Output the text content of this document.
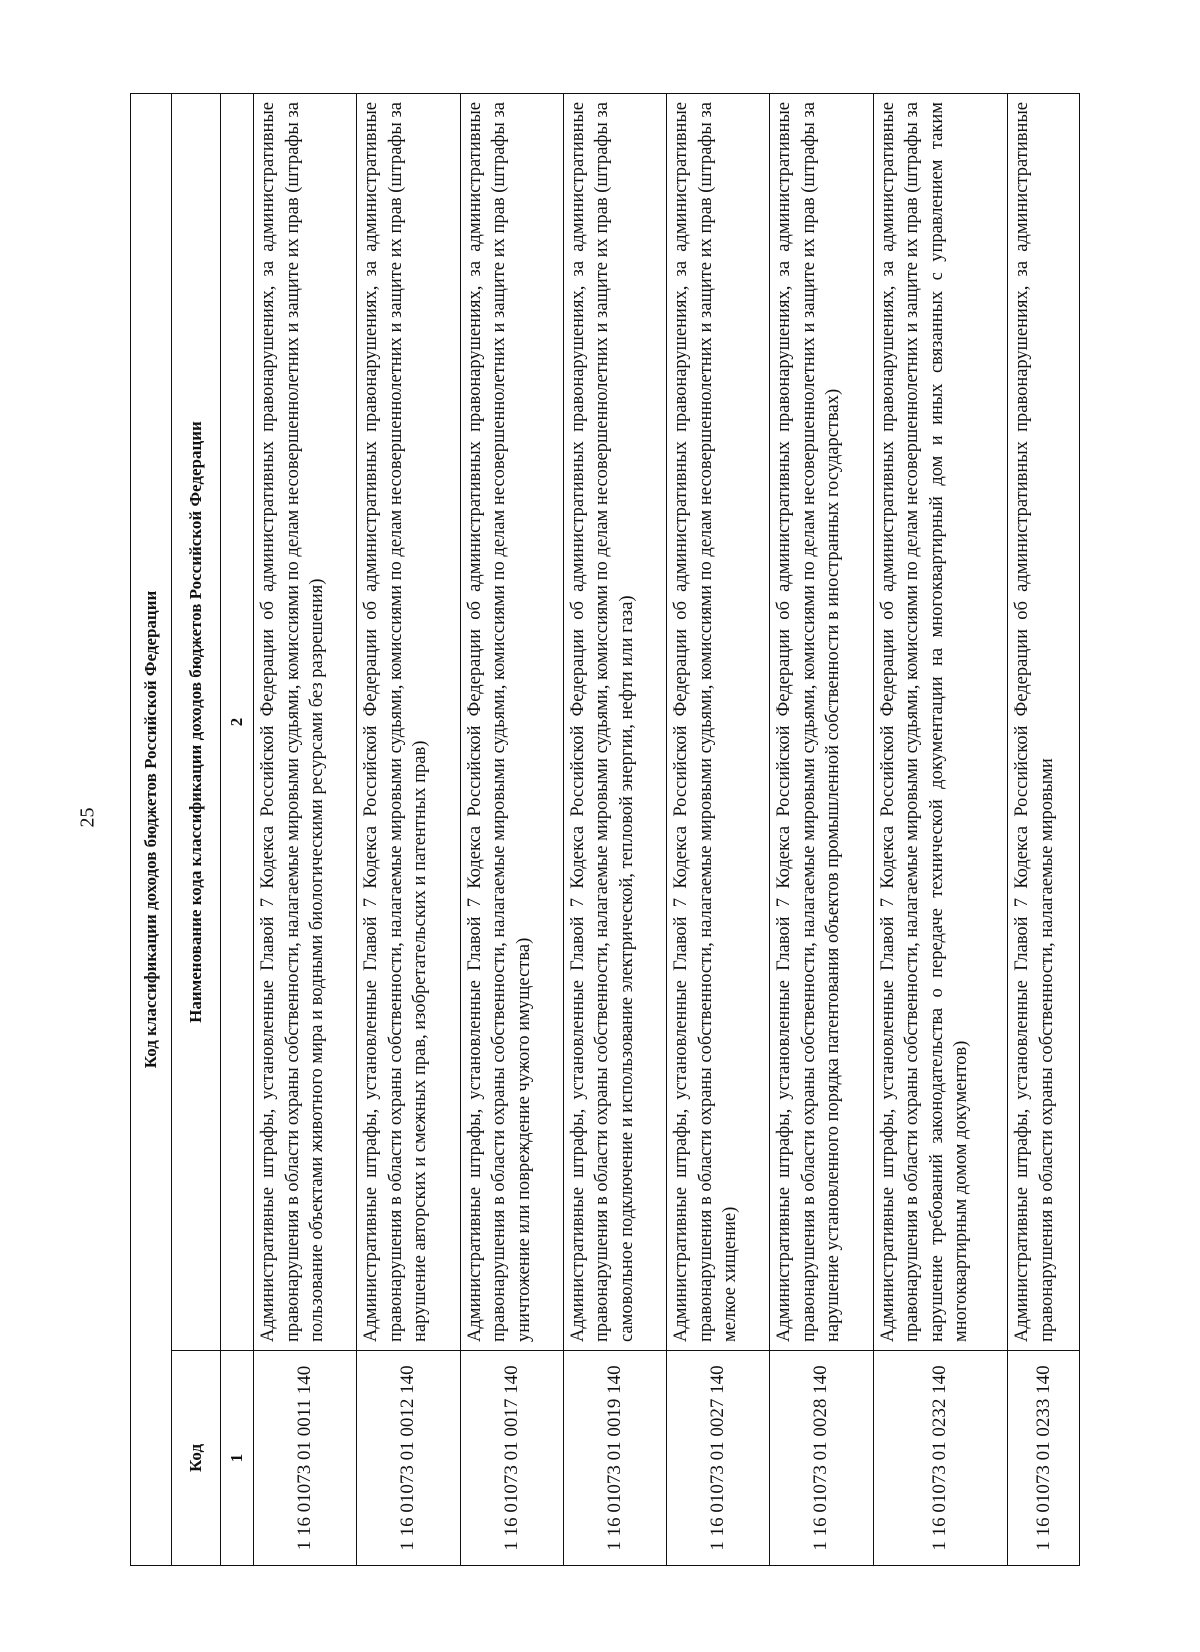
25	Код классификации доходов бюджетов Российской Федерации	
Код	Наименование кода классификации доходов бюджетов Российской Федерации
1	2
1 16 01073 01 0011 140	Административные штрафы, установленные Главой 7 Кодекса Российской Федерации об административных правонарушениях, за административные правонарушения в области охраны собственности, налагаемые мировыми судьями, комиссиями по делам несовершеннолетних и защите их прав (штрафы за пользование объектами животного мира и водными биологическими ресурсами без разрешения)
1 16 01073 01 0012 140	Административные штрафы, установленные Главой 7 Кодекса Российской Федерации об административных правонарушениях, за административные правонарушения в области охраны собственности, налагаемые мировыми судьями, комиссиями по делам несовершеннолетних и защите их прав (штрафы за нарушение авторских и смежных прав, изобретательских и патентных прав)
1 16 01073 01 0017 140	Административные штрафы, установленные Главой 7 Кодекса Российской Федерации об административных правонарушениях, за административные правонарушения в области охраны собственности, налагаемые мировыми судьями, комиссиями по делам несовершеннолетних и защите их прав (штрафы за уничтожение или повреждение чужого имущества)
1 16 01073 01 0019 140	Административные штрафы, установленные Главой 7 Кодекса Российской Федерации об административных правонарушениях, за административные правонарушения в области охраны собственности, налагаемые мировыми судьями, комиссиями по делам несовершеннолетних и защите их прав (штрафы за самовольное подключение и использование электрической, тепловой энергии, нефти или газа)
1 16 01073 01 0027 140	Административные штрафы, установленные Главой 7 Кодекса Российской Федерации об административных правонарушениях, за административные правонарушения в области охраны собственности, налагаемые мировыми судьями, комиссиями по делам несовершеннолетних и защите их прав (штрафы за мелкое хищение)
1 16 01073 01 0028 140	Административные штрафы, установленные Главой 7 Кодекса Российской Федерации об административных правонарушениях, за административные правонарушения в области охраны собственности, налагаемые мировыми судьями, комиссиями по делам несовершеннолетних и защите их прав (штрафы за нарушение установленного порядка патентования объектов промышленной собственности в иностранных государствах)
1 16 01073 01 0232 140	Административные штрафы, установленные Главой 7 Кодекса Российской Федерации об административных правонарушениях, за административные правонарушения в области охраны собственности, налагаемые мировыми судьями, комиссиями по делам несовершеннолетних и защите их прав (штрафы за нарушение требований законодательства о передаче технической документации на многоквартирный дом и иных связанных с управлением таким многоквартирным домом документов)
1 16 01073 01 0233 140	Административные штрафы, установленные Главой 7 Кодекса Российской Федерации об административных правонарушениях, за административные правонарушения в области охраны собственности, налагаемые мировыми
